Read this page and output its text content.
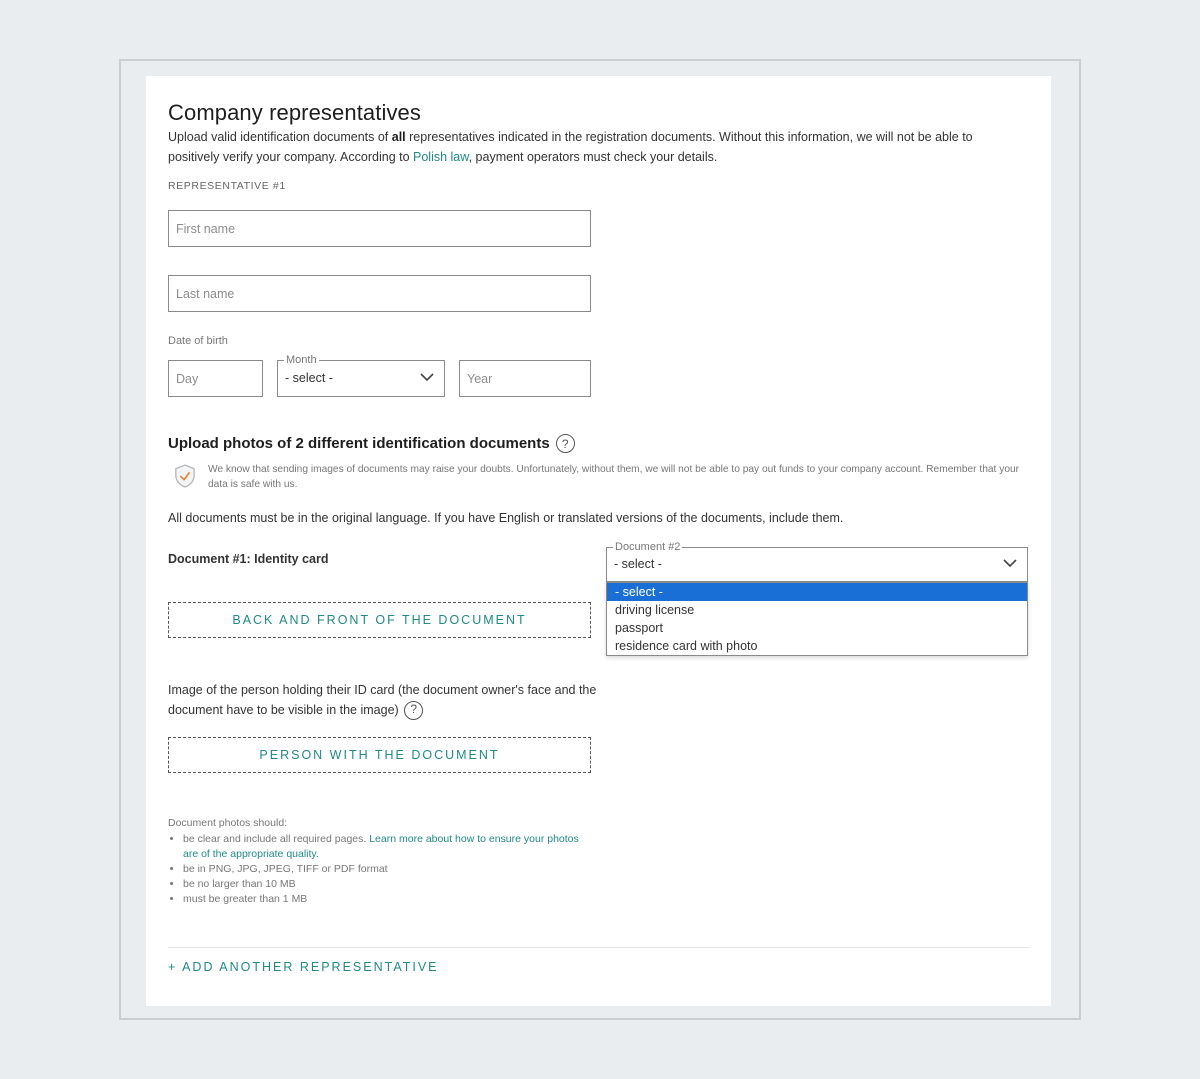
Company representatives
Upload valid identification documents of all representatives indicated in the registration documents. Without this information, we will not be able to positively verify your company. According to Polish law, payment operators must check your details.
REPRESENTATIVE #1
First name
Last name
Date of birth
Day
Month
- select -	Year
Upload photos of 2 different identification documents	?
We know that sending images of documents may raise your doubts. Unfortunately, without them, we will not be able to pay out funds to your company account. Remember that your data is safe with us.
All documents must be in the original language. If you have English or translated versions of the documents, include them.
Document #1: Identity card
Document #2
- select -
BACK AND FRONT OF THE DOCUMENT
Image of the person holding their ID card (the document owner's face and the document have to be visible in the image) ?
PERSON WITH THE DOCUMENT
Document photos should:
• be clear and include all required pages. Learn more about how to ensure your photos are of the appropriate quality.
• be in PNG, JPG, JPEG, TIFF or PDF format
• be no larger than 10 MB
• must be greater than 1 MB
+ ADD ANOTHER REPRESENTATIVE
- select -
driving license
passport
residence card with photo
